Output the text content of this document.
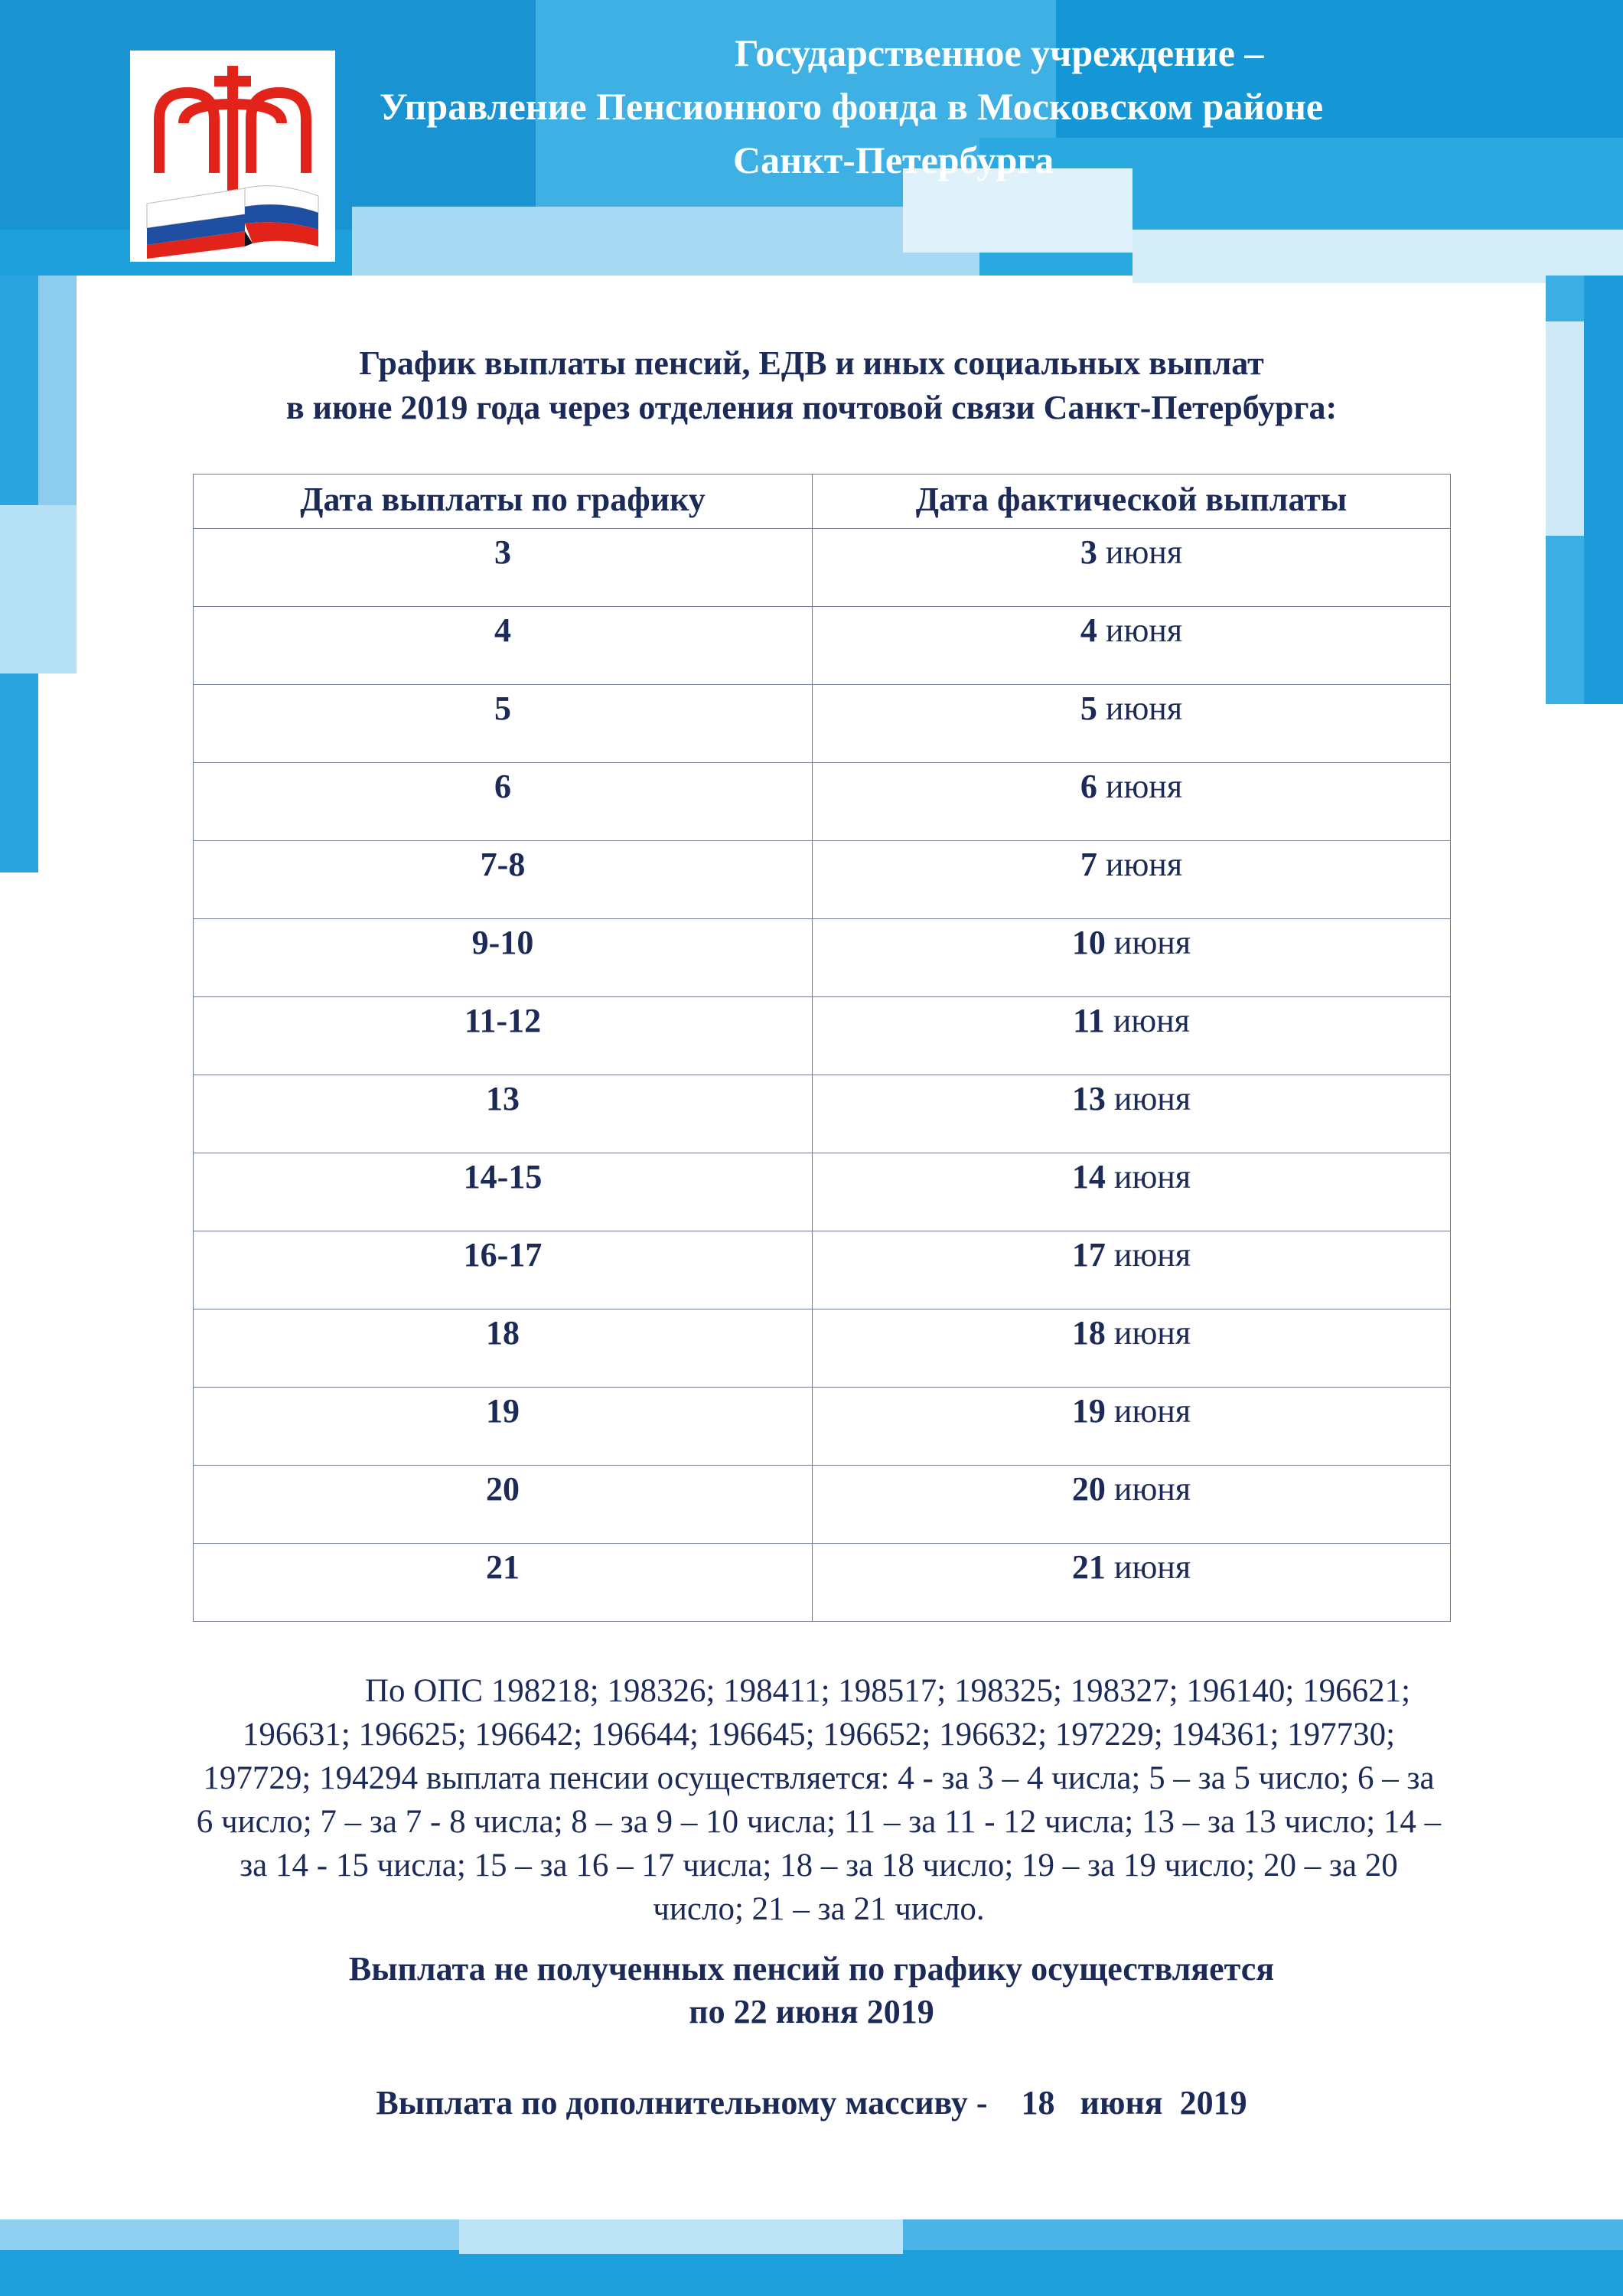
Государственное учреждение –
Управление Пенсионного фонда в Московском районе
Санкт-Петербурга
График выплаты пенсий, ЕДВ и иных социальных выплат
в июне 2019 года через отделения почтовой связи Санкт-Петербурга:
Дата выплаты по графику	Дата фактической выплаты
3	3 июня
4	4 июня
5	5 июня
6	6 июня
7-8	7 июня
9-10	10 июня
11-12	11 июня
13	13 июня
14-15	14 июня
16-17	17 июня
18	18 июня
19	19 июня
20	20 июня
21	21 июня
По ОПС 198218; 198326; 198411; 198517; 198325; 198327; 196140; 196621; 196631; 196625; 196642; 196644; 196645; 196652; 196632; 197229; 194361; 197730; 197729; 194294 выплата пенсии осуществляется: 4 - за 3 – 4 числа; 5 – за 5 число; 6 – за 6 число; 7 – за 7 - 8 числа; 8 – за 9 – 10 числа; 11 – за 11 - 12 числа; 13 – за 13 число; 14 – за 14 - 15 числа; 15 – за 16 – 17 числа; 18 – за 18 число; 19 – за 19 число; 20 – за 20 число; 21 – за 21 число.
Выплата не полученных пенсий по графику осуществляется
по 22 июня 2019
Выплата по дополнительному массиву -    18   июня  2019
